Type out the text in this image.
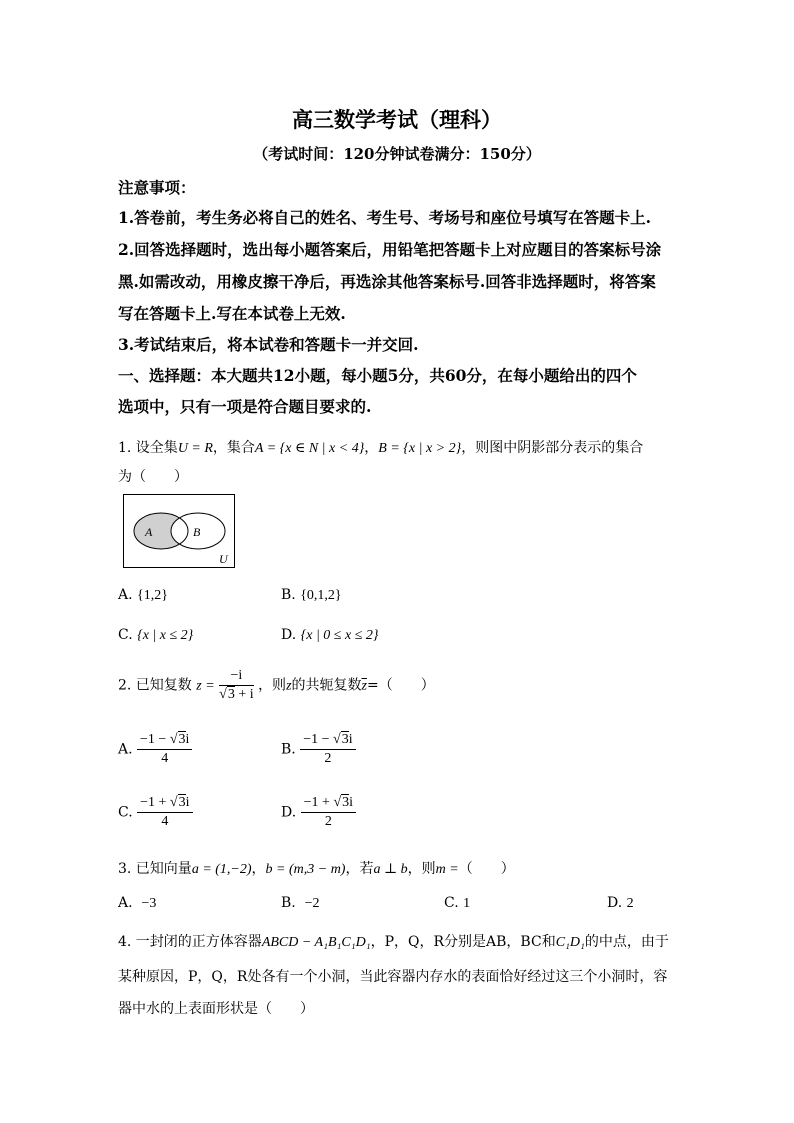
高三数学考试（理科）
（考试时间：120分钟试卷满分：150分）
注意事项：
1.答卷前，考生务必将自己的姓名、考生号、考场号和座位号填写在答题卡上.
2.回答选择题时，选出每小题答案后，用铅笔把答题卡上对应题目的答案标号涂
黑.如需改动，用橡皮擦干净后，再选涂其他答案标号.回答非选择题时，将答案
写在答题卡上.写在本试卷上无效.
3.考试结束后，将本试卷和答题卡一并交回.
一、选择题：本大题共12小题，每小题5分，共60分，在每小题给出的四个
选项中，只有一项是符合题目要求的.
1. 设全集U = R，集合A = {x ∈ N | x < 4}，B = {x | x > 2}，则图中阴影部分表示的集合
为（　　）
A	B
U
A. {1,2}	B. {0,1,2}
C. {x | x ≤ 2}	D. {x | 0 ≤ x ≤ 2}
2. 已知复数 $z = \frac{-i}{√3 + i}$ ，则z的共轭复数$\overline{z}=$（　　）
A. $\frac{-1 - √3i}{4}$	B. $\frac{-1 - √3i}{2}$
C. $\frac{-1 + √3i}{4}$	D. $\frac{-1 + √3i}{2}$
3. 已知向量a = (1,−2)，b = (m,3 − m)，若a ⊥ b，则m =（　　）
A. −3	B. −2	C. 1	D. 2
4. 一封闭的正方体容器ABCD − A₁B₁C₁D₁，P，Q，R分别是AB，BC和C₁D₁的中点，由于
某种原因，P，Q，R处各有一个小洞，当此容器内存水的表面恰好经过这三个小洞时，容
器中水的上表面形状是（　　）
